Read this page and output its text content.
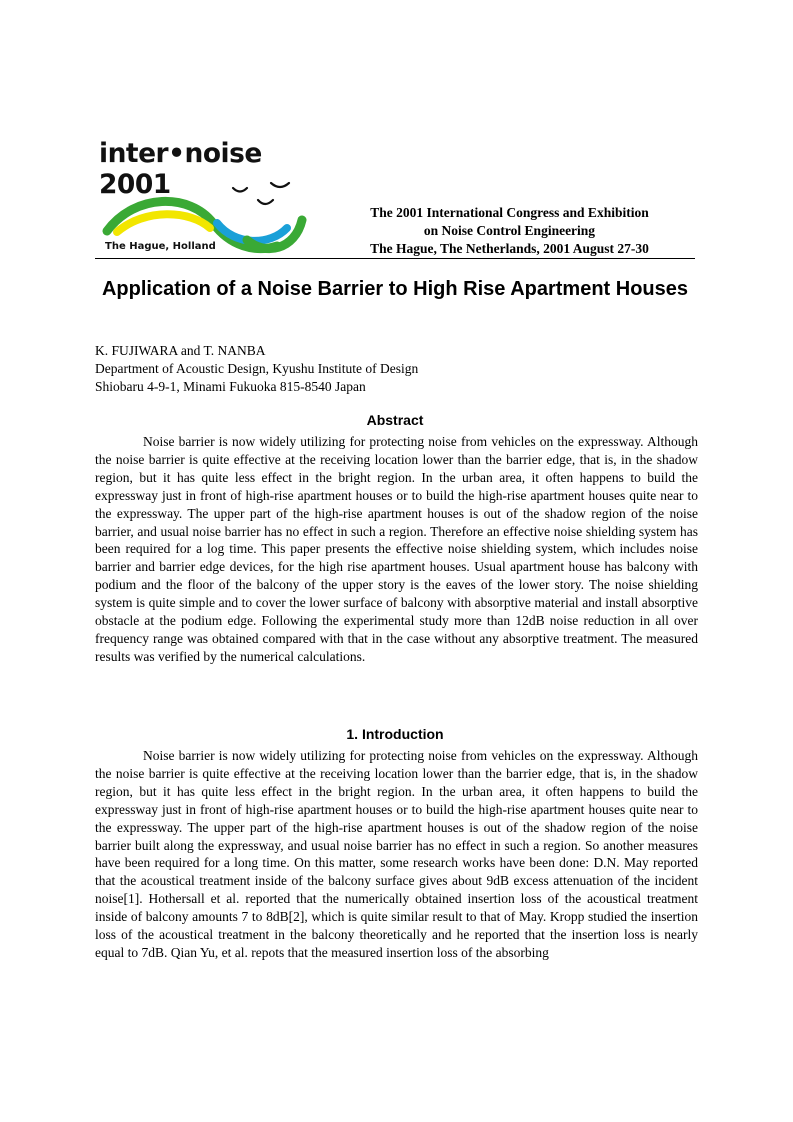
inter•noise 2001
The Hague, Holland
The 2001 International Congress and Exhibition
on Noise Control Engineering
The Hague, The Netherlands, 2001 August 27-30
Application of a Noise Barrier to High Rise Apartment Houses
K. FUJIWARA and T. NANBA
Department of Acoustic Design, Kyushu Institute of Design
Shiobaru 4-9-1, Minami Fukuoka 815-8540 Japan
Abstract
Noise barrier is now widely utilizing for protecting noise from vehicles on the expressway. Although the noise barrier is quite effective at the receiving location lower than the barrier edge, that is, in the shadow region, but it has quite less effect in the bright region. In the urban area, it often happens to build the expressway just in front of high-rise apartment houses or to build the high-rise apartment houses quite near to the expressway. The upper part of the high-rise apartment houses is out of the shadow region of the noise barrier, and usual noise barrier has no effect in such a region. Therefore an effective noise shielding system has been required for a log time. This paper presents the effective noise shielding system, which includes noise barrier and barrier edge devices, for the high rise apartment houses. Usual apartment house has balcony with podium and the floor of the balcony of the upper story is the eaves of the lower story. The noise shielding system is quite simple and to cover the lower surface of balcony with absorptive material and install absorptive obstacle at the podium edge. Following the experimental study more than 12dB noise reduction in all over frequency range was obtained compared with that in the case without any absorptive treatment. The measured results was verified by the numerical calculations.
1. Introduction
Noise barrier is now widely utilizing for protecting noise from vehicles on the expressway. Although the noise barrier is quite effective at the receiving location lower than the barrier edge, that is, in the shadow region, but it has quite less effect in the bright region. In the urban area, it often happens to build the expressway just in front of high-rise apartment houses or to build the high-rise apartment houses quite near to the expressway. The upper part of the high-rise apartment houses is out of the shadow region of the noise barrier built along the expressway, and usual noise barrier has no effect in such a region. So another measures have been required for a long time. On this matter, some research works have been done: D.N. May reported that the acoustical treatment inside of the balcony surface gives about 9dB excess attenuation of the incident noise[1]. Hothersall et al. reported that the numerically obtained insertion loss of the acoustical treatment inside of balcony amounts 7 to 8dB[2], which is quite similar result to that of May. Kropp studied the insertion loss of the acoustical treatment in the balcony theoretically and he reported that the insertion loss is nearly equal to 7dB. Qian Yu, et al. repots that the measured insertion loss of the absorbing
